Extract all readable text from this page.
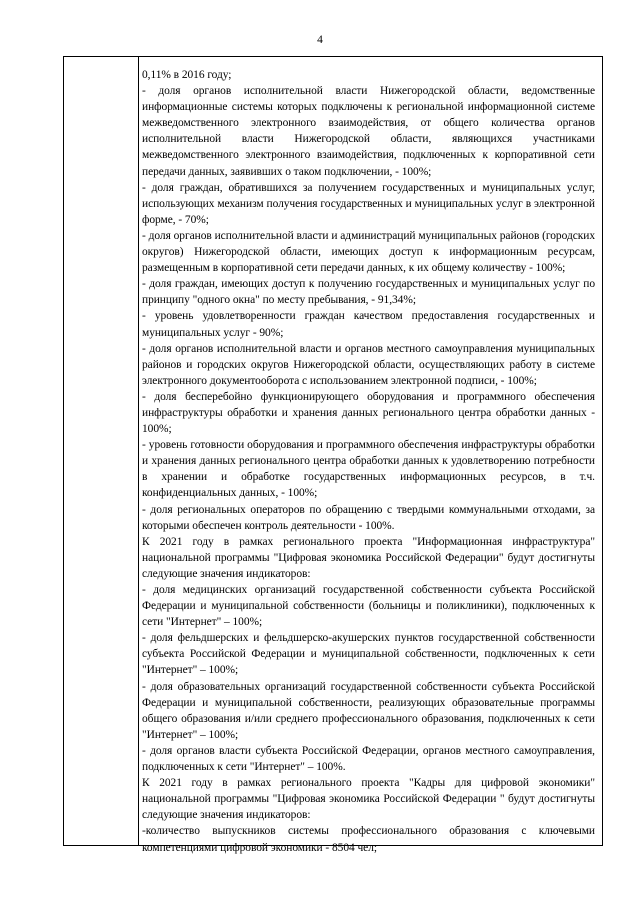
4

0,11% в 2016 году;

- доля органов исполнительной власти Нижегородской области, ведомственные информационные системы которых подключены к региональной информационной системе межведомственного электронного взаимодействия, от общего количества органов исполнительной власти Нижегородской области, являющихся участниками межведомственного электронного взаимодействия, подключенных к корпоративной сети передачи данных, заявивших о таком подключении, - 100%;

- доля граждан, обратившихся за получением государственных и муниципальных услуг, использующих механизм получения государственных и муниципальных услуг в электронной форме, - 70%;

- доля органов исполнительной власти и администраций муниципальных районов (городских округов) Нижегородской области, имеющих доступ к информационным ресурсам, размещенным в корпоративной сети передачи данных, к их общему количеству - 100%;

- доля граждан, имеющих доступ к получению государственных и муниципальных услуг по принципу "одного окна" по месту пребывания, - 91,34%;

- уровень удовлетворенности граждан качеством предоставления государственных и муниципальных услуг - 90%;

- доля органов исполнительной власти и органов местного самоуправления муниципальных районов и городских округов Нижегородской области, осуществляющих работу в системе электронного документооборота с использованием электронной подписи, - 100%;

- доля бесперебойно функционирующего оборудования и программного обеспечения инфраструктуры обработки и хранения данных регионального центра обработки данных - 100%;

- уровень готовности оборудования и программного обеспечения инфраструктуры обработки и хранения данных регионального центра обработки данных к удовлетворению потребности в хранении и обработке государственных информационных ресурсов, в т.ч. конфиденциальных данных, - 100%;

- доля региональных операторов по обращению с твердыми коммунальными отходами, за которыми обеспечен контроль деятельности - 100%.

К 2021 году в рамках регионального проекта "Информационная инфраструктура" национальной программы "Цифровая экономика Российской Федерации" будут достигнуты следующие значения индикаторов:

- доля медицинских организаций государственной собственности субъекта Российской Федерации и муниципальной собственности (больницы и поликлиники), подключенных к сети "Интернет" – 100%;

- доля фельдшерских и фельдшерско-акушерских пунктов государственной собственности субъекта Российской Федерации и муниципальной собственности, подключенных к сети "Интернет" – 100%;

- доля образовательных организаций государственной собственности субъекта Российской Федерации и муниципальной собственности, реализующих образовательные программы общего образования и/или среднего профессионального образования, подключенных к сети "Интернет" – 100%;

- доля органов власти субъекта Российской Федерации, органов местного самоуправления, подключенных к сети "Интернет" – 100%.

К 2021 году в рамках регионального проекта "Кадры для цифровой экономики" национальной программы "Цифровая экономика Российской Федерации " будут достигнуты следующие значения индикаторов:

-количество выпускников системы профессионального образования с ключевыми компетенциями цифровой экономики - 8504 чел;
